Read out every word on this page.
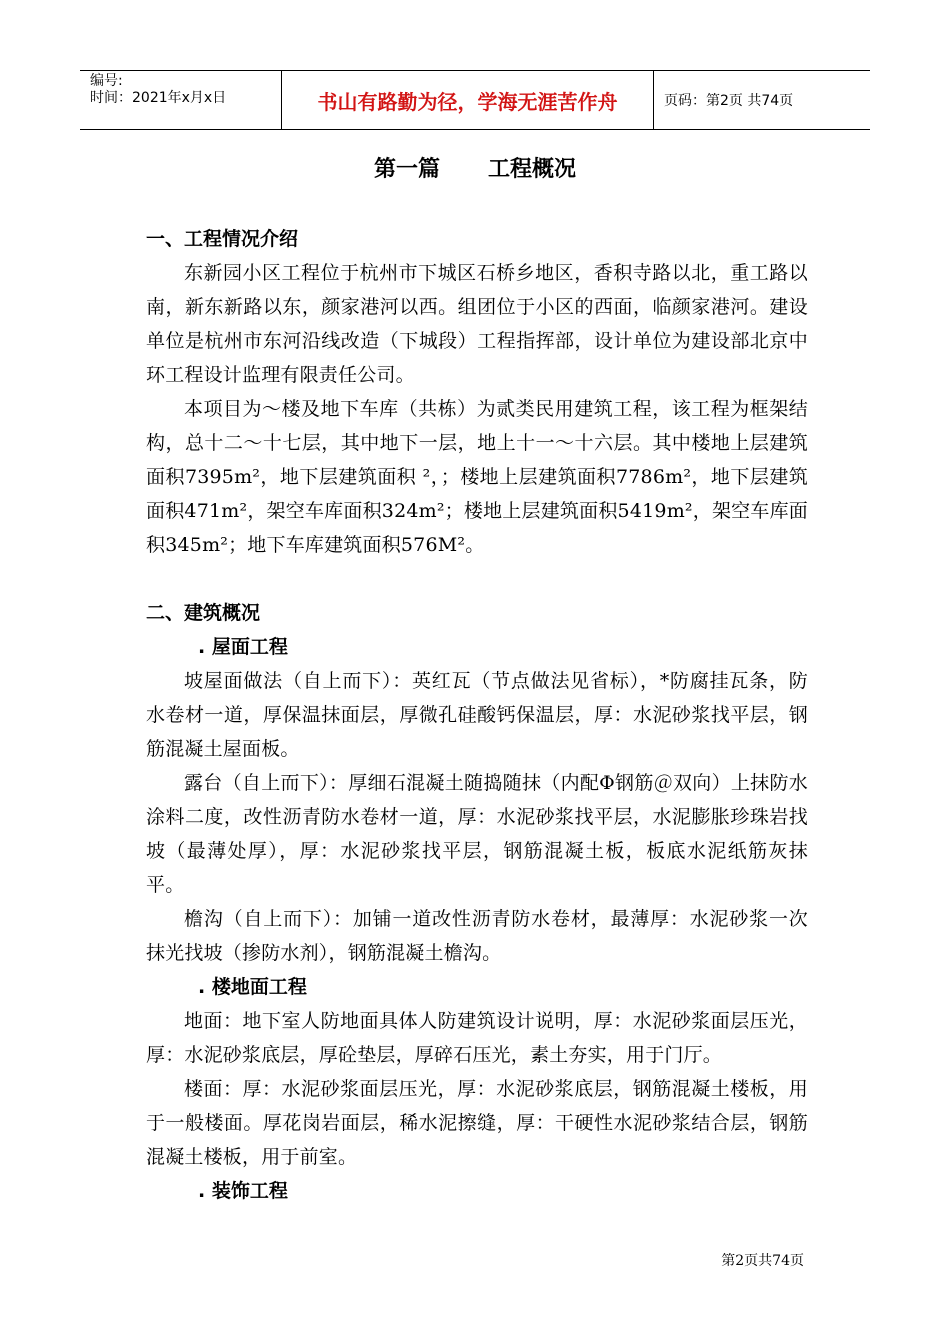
编号:
时间：2021年x月x日	书山有路勤为径，学海无涯苦作舟	页码：第2页 共74页
第一篇 工程概况

一、工程情况介绍

东新园小区工程位于杭州市下城区石桥乡地区，香积寺路以北，重工路以南，新东新路以东，颜家港河以西。组团位于小区的西面，临颜家港河。建设单位是杭州市东河沿线改造（下城段）工程指挥部，设计单位为建设部北京中环工程设计监理有限责任公司。

本项目为～楼及地下车库（共栋）为贰类民用建筑工程，该工程为框架结构，总十二～十七层，其中地下一层，地上十一～十六层。其中楼地上层建筑面积7395m²，地下层建筑面积 ²，；楼地上层建筑面积7786m²，地下层建筑面积471m²，架空车库面积324m²；楼地上层建筑面积5419m²，架空车库面积345m²；地下车库建筑面积576M²。

二、建筑概况

. 屋面工程

坡屋面做法（自上而下）：英红瓦（节点做法见省标），*防腐挂瓦条，防水卷材一道，厚保温抹面层，厚微孔硅酸钙保温层，厚：水泥砂浆找平层，钢筋混凝土屋面板。

露台（自上而下）：厚细石混凝土随捣随抹（内配Φ钢筋＠双向）上抹防水涂料二度，改性沥青防水卷材一道，厚：水泥砂浆找平层，水泥膨胀珍珠岩找坡（最薄处厚），厚：水泥砂浆找平层，钢筋混凝土板，板底水泥纸筋灰抹平。

檐沟（自上而下）：加铺一道改性沥青防水卷材，最薄厚：水泥砂浆一次抹光找坡（掺防水剂），钢筋混凝土檐沟。

. 楼地面工程

地面：地下室人防地面具体人防建筑设计说明，厚：水泥砂浆面层压光，厚：水泥砂浆底层，厚砼垫层，厚碎石压光，素土夯实，用于门厅。

楼面：厚：水泥砂浆面层压光，厚：水泥砂浆底层，钢筋混凝土楼板，用于一般楼面。厚花岗岩面层，稀水泥擦缝，厚：干硬性水泥砂浆结合层，钢筋混凝土楼板，用于前室。

. 装饰工程

第2页共74页
